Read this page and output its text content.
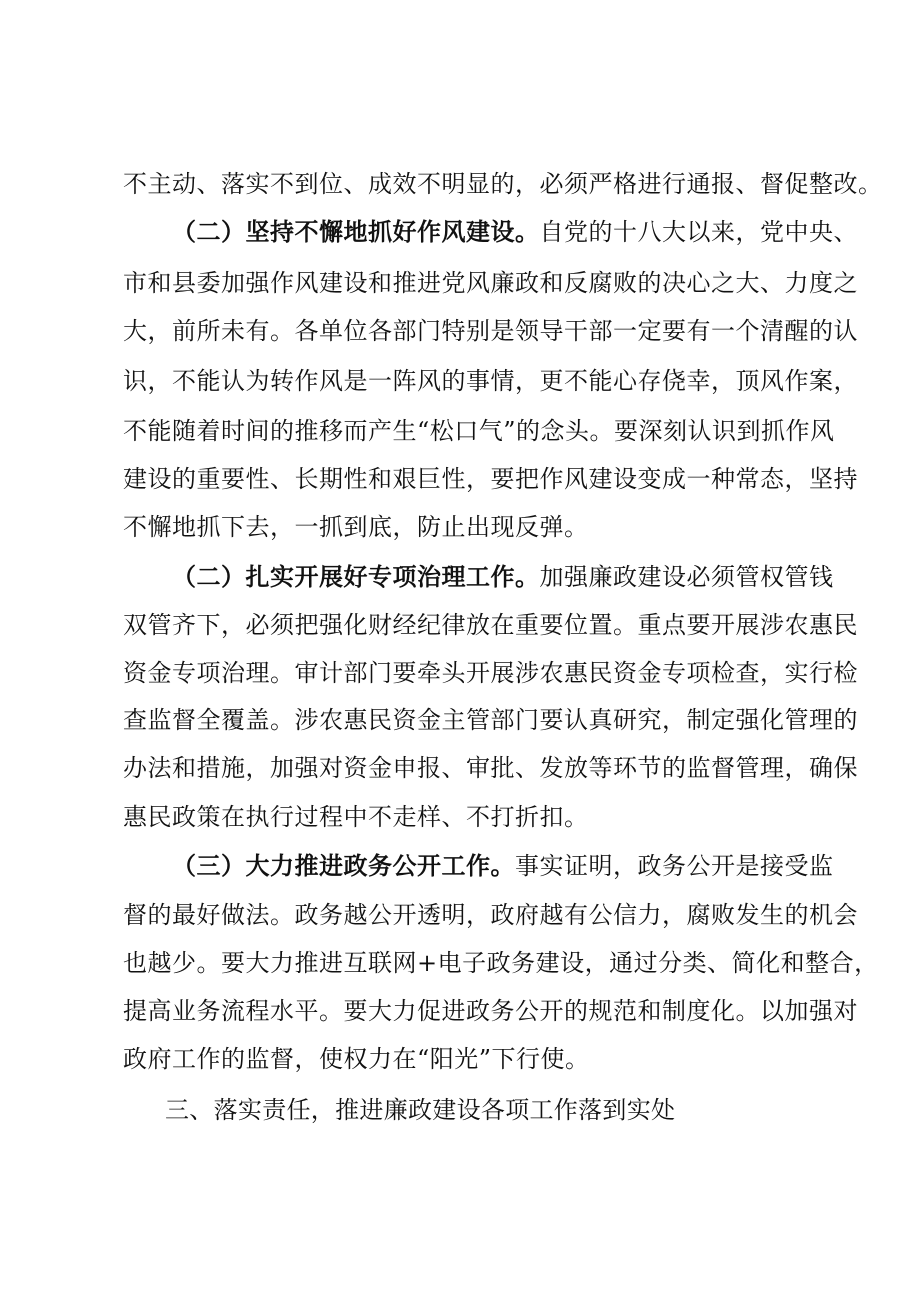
不主动、落实不到位、成效不明显的，必须严格进行通报、督促整改。
（二）坚持不懈地抓好作风建设。自党的十八大以来，党中央、
市和县委加强作风建设和推进党风廉政和反腐败的决心之大、力度之
大，前所未有。各单位各部门特别是领导干部一定要有一个清醒的认
识，不能认为转作风是一阵风的事情，更不能心存侥幸，顶风作案，
不能随着时间的推移而产生“松口气”的念头。要深刻认识到抓作风
建设的重要性、长期性和艰巨性，要把作风建设变成一种常态，坚持
不懈地抓下去，一抓到底，防止出现反弹。
（二）扎实开展好专项治理工作。加强廉政建设必须管权管钱
双管齐下，必须把强化财经纪律放在重要位置。重点要开展涉农惠民
资金专项治理。审计部门要牵头开展涉农惠民资金专项检查，实行检
查监督全覆盖。涉农惠民资金主管部门要认真研究，制定强化管理的
办法和措施，加强对资金申报、审批、发放等环节的监督管理，确保
惠民政策在执行过程中不走样、不打折扣。
（三）大力推进政务公开工作。事实证明，政务公开是接受监
督的最好做法。政务越公开透明，政府越有公信力，腐败发生的机会
也越少。要大力推进互联网+电子政务建设，通过分类、简化和整合，
提高业务流程水平。要大力促进政务公开的规范和制度化。以加强对
政府工作的监督，使权力在“阳光”下行使。
三、落实责任，推进廉政建设各项工作落到实处
